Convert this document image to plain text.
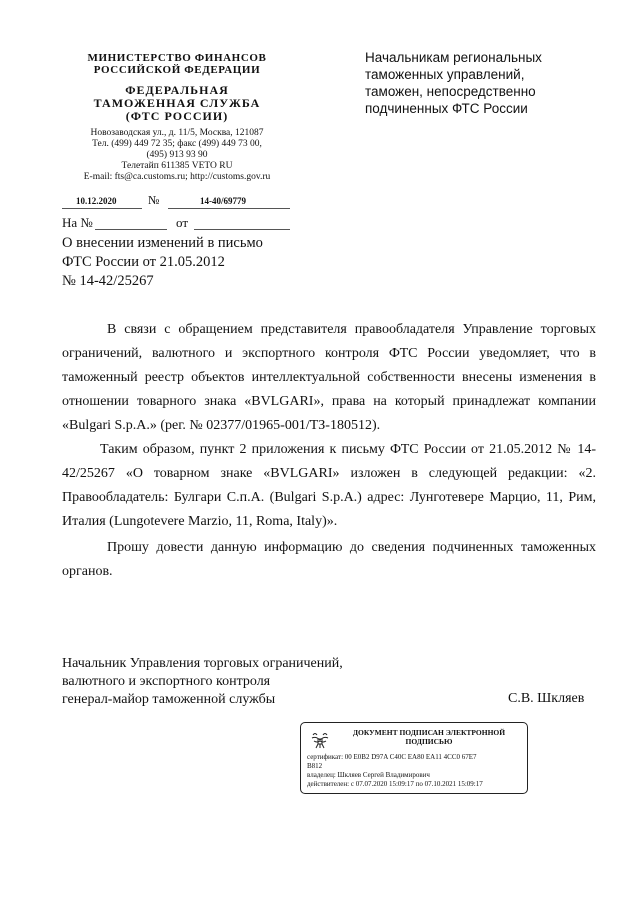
МИНИСТЕРСТВО ФИНАНСОВ
РОССИЙСКОЙ ФЕДЕРАЦИИ
ФЕДЕРАЛЬНАЯ
ТАМОЖЕННАЯ СЛУЖБА
(ФТС РОССИИ)
Новозаводская ул., д. 11/5, Москва, 121087
Тел. (499) 449 72 35; факс (499) 449 73 00,
(495) 913 93 90
Телетайп 611385 VETO RU
E-mail: fts@ca.customs.ru; http://customs.gov.ru
10.12.2020	№	14-40/69779
На №	от
О внесении изменений в письмо
ФТС России от 21.05.2012
№ 14-42/25267
Начальникам региональных
таможенных управлений,
таможен, непосредственно
подчиненных ФТС России

В связи с обращением представителя правообладателя Управление торговых ограничений, валютного и экспортного контроля ФТС России уведомляет, что в таможенный реестр объектов интеллектуальной собственности внесены изменения в отношении товарного знака «BVLGARI», права на который принадлежат компании «Bulgari S.p.A.» (рег. № 02377/01965-001/ТЗ-180512).

Таким образом, пункт 2 приложения к письму ФТС России от 21.05.2012 № 14-42/25267 «О товарном знаке «BVLGARI» изложен в следующей редакции: «2. Правообладатель: Булгари С.п.А. (Bulgari S.p.A.) адрес: Лунготевере Марцио, 11, Рим, Италия (Lungotevere Marzio, 11, Roma, Italy)».

Прошу довести данную информацию до сведения подчиненных таможенных органов.

Начальник Управления торговых ограничений,
валютного и экспортного контроля
генерал-майор таможенной службы	С.В. Шкляев
ДОКУМЕНТ ПОДПИСАН ЭЛЕКТРОННОЙ
ПОДПИСЬЮ
сертификат: 00 E0B2 D97A C40C EA80 EA11 4CC0 67E7
B812
владелец: Шкляев Сергей Владимирович
действителен: с 07.07.2020 15:09:17 по 07.10.2021 15:09:17
